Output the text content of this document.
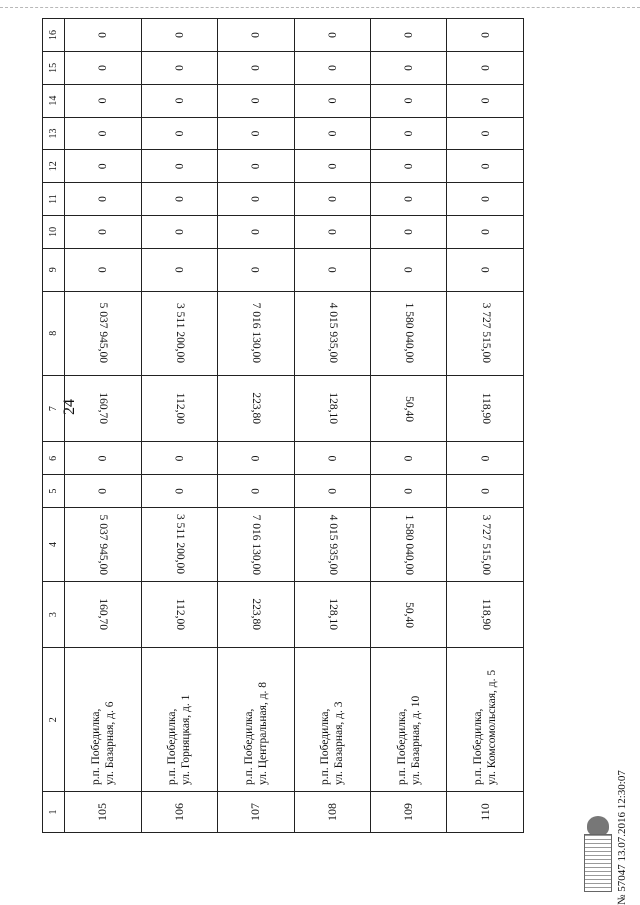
24
1	2	3	4	5	6	7	8	9	10	11	12	13	14	15	16
105	р.п. Победилка, ул. Базарная, д. 6	160,70	5 037 945,00	0	0	160,70	5 037 945,00	0	0	0	0	0	0	0	0
106	р.п. Победилка, ул. Горняцкая, д. 1	112,00	3 511 200,00	0	0	112,00	3 511 200,00	0	0	0	0	0	0	0	0
107	р.п. Победилка, ул. Центральная, д. 8	223,80	7 016 130,00	0	0	223,80	7 016 130,00	0	0	0	0	0	0	0	0
108	р.п. Победилка, ул. Базарная, д. 3	128,10	4 015 935,00	0	0	128,10	4 015 935,00	0	0	0	0	0	0	0	0
109	р.п. Победилка, ул. Базарная, д. 10	50,40	1 580 040,00	0	0	50,40	1 580 040,00	0	0	0	0	0	0	0	0
110	р.п. Победилка, ул. Комсомольская, д. 5	118,90	3 727 515,00	0	0	118,90	3 727 515,00	0	0	0	0	0	0	0	0
№ 57047 13.07.2016 12:30:07
